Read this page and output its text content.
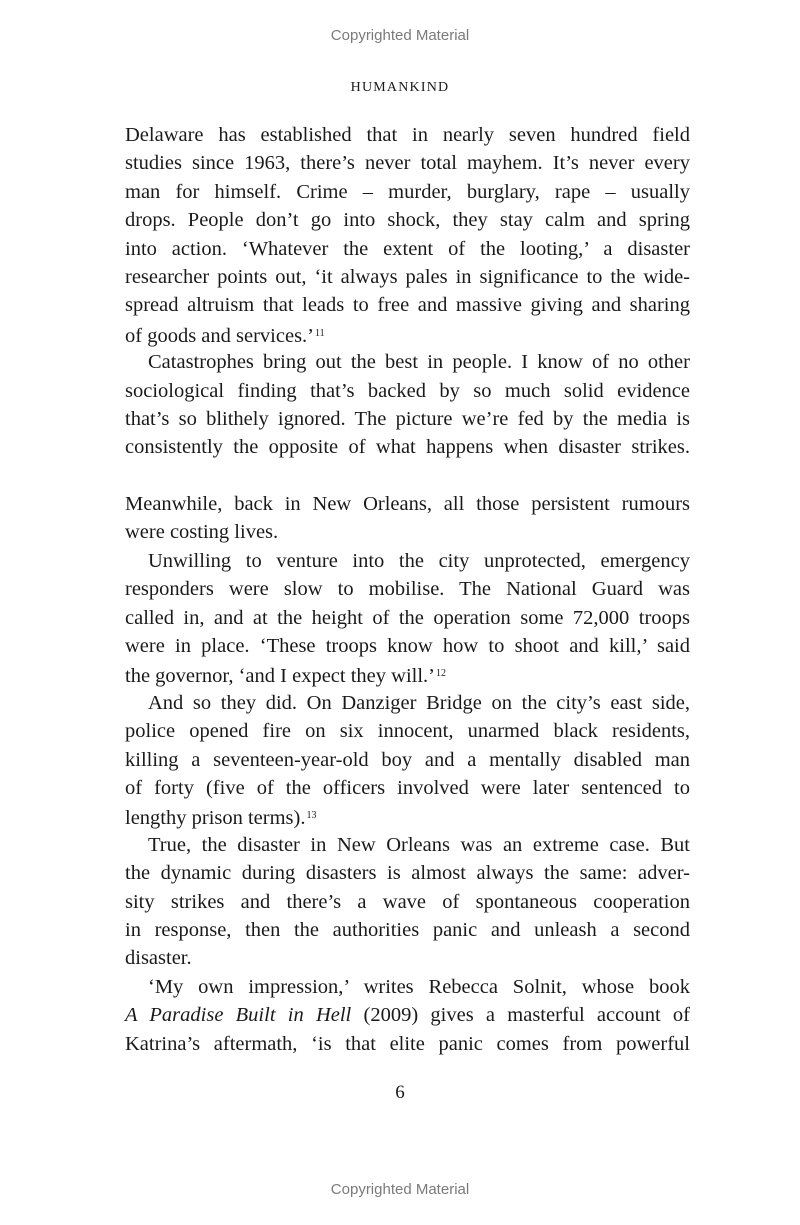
Copyrighted Material
HUMANKIND
Delaware has established that in nearly seven hundred field
studies since 1963, there’s never total mayhem. It’s never every
man for himself. Crime – murder, burglary, rape – usually
drops. People don’t go into shock, they stay calm and spring
into action. ‘Whatever the extent of the looting,’ a disaster
researcher points out, ‘it always pales in significance to the wide-
spread altruism that leads to free and massive giving and sharing
of goods and services.’$^{11}$
Catastrophes bring out the best in people. I know of no other
sociological finding that’s backed by so much solid evidence
that’s so blithely ignored. The picture we’re fed by the media is
consistently the opposite of what happens when disaster strikes.
Meanwhile, back in New Orleans, all those persistent rumours
were costing lives.
Unwilling to venture into the city unprotected, emergency
responders were slow to mobilise. The National Guard was
called in, and at the height of the operation some 72,000 troops
were in place. ‘These troops know how to shoot and kill,’ said
the governor, ‘and I expect they will.’$^{12}$
And so they did. On Danziger Bridge on the city’s east side,
police opened fire on six innocent, unarmed black residents,
killing a seventeen-year-old boy and a mentally disabled man
of forty (five of the officers involved were later sentenced to
lengthy prison terms).$^{13}$
True, the disaster in New Orleans was an extreme case. But
the dynamic during disasters is almost always the same: adver-
sity strikes and there’s a wave of spontaneous cooperation
in response, then the authorities panic and unleash a second
disaster.
‘My own impression,’ writes Rebecca Solnit, whose book
A Paradise Built in Hell (2009) gives a masterful account of
Katrina’s aftermath, ‘is that elite panic comes from powerful
6
Copyrighted Material
